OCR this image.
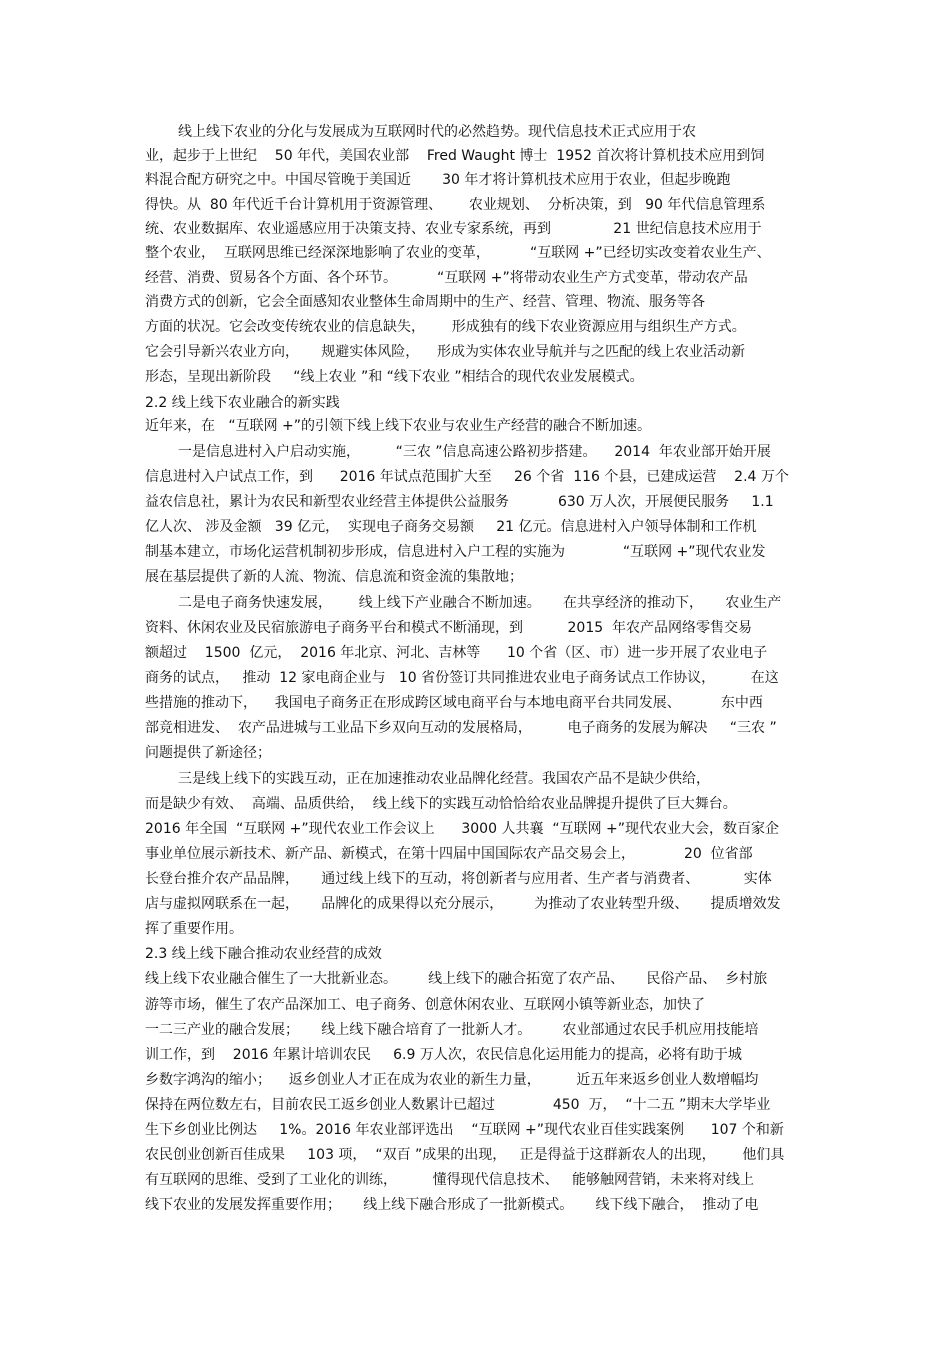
线上线下农业的分化与发展成为互联网时代的必然趋势。现代信息技术正式应用于农
业，起步于上世纪    50 年代，美国农业部    Fred Waught 博士  1952 首次将计算机技术应用到饲
料混合配方研究之中。中国尽管晚于美国近       30 年才将计算机技术应用于农业，但起步晚跑
得快。从  80 年代近千台计算机用于资源管理、      农业规划、  分析决策，到   90 年代信息管理系
统、农业数据库、农业遥感应用于决策支持、农业专家系统，再到              21 世纪信息技术应用于
整个农业，  互联网思维已经深深地影响了农业的变革，         “互联网 +”已经切实改变着农业生产、
经营、消费、贸易各个方面、各个环节。         “互联网 +”将带动农业生产方式变革，带动农产品
消费方式的创新，它会全面感知农业整体生命周期中的生产、经营、管理、物流、服务等各
方面的状况。它会改变传统农业的信息缺失，      形成独有的线下农业资源应用与组织生产方式。
它会引导新兴农业方向，     规避实体风险，    形成为实体农业导航并与之匹配的线上农业活动新
形态，呈现出新阶段     “线上农业 ”和 “线下农业 ”相结合的现代农业发展模式。
2.2 线上线下农业融合的新实践
近年来，在   “互联网 +”的引领下线上线下农业与农业生产经营的融合不断加速。
一是信息进村入户启动实施，        “三农 ”信息高速公路初步搭建。    2014  年农业部开始开展
信息进村入户试点工作，到      2016 年试点范围扩大至     26 个省  116 个县，已建成运营    2.4 万个
益农信息社，累计为农民和新型农业经营主体提供公益服务           630 万人次，开展便民服务     1.1
亿人次、 涉及金额   39 亿元，  实现电子商务交易额     21 亿元。信息进村入户领导体制和工作机
制基本建立，市场化运营机制初步形成，信息进村入户工程的实施为             “互联网 +”现代农业发
展在基层提供了新的人流、物流、信息流和资金流的集散地；
二是电子商务快速发展，      线上线下产业融合不断加速。     在共享经济的推动下，     农业生产
资料、休闲农业及民宿旅游电子商务平台和模式不断涌现，到          2015  年农产品网络零售交易
额超过    1500  亿元，  2016 年北京、河北、吉林等      10 个省（区、市）进一步开展了农业电子
商务的试点，   推动  12 家电商企业与   10 省份签订共同推进农业电子商务试点工作协议，        在这
些措施的推动下，    我国电子商务正在形成跨区域电商平台与本地电商平台共同发展、         东中西
部竞相进发、  农产品进城与工业品下乡双向互动的发展格局，        电子商务的发展为解决     “三农 ”
问题提供了新途径；
三是线上线下的实践互动，正在加速推动农业品牌化经营。我国农产品不是缺少供给，
而是缺少有效、  高端、品质供给，  线上线下的实践互动恰恰给农业品牌提升提供了巨大舞台。
2016 年全国  “互联网 +”现代农业工作会议上      3000 人共襄  “互联网 +”现代农业大会，数百家企
事业单位展示新技术、新产品、新模式，在第十四届中国国际农产品交易会上，           20  位省部
长登台推介农产品品牌，     通过线上线下的互动，将创新者与应用者、生产者与消费者、          实体
店与虚拟网联系在一起，     品牌化的成果得以充分展示，       为推动了农业转型升级、     提质增效发
挥了重要作用。
2.3 线上线下融合推动农业经营的成效
线上线下农业融合催生了一大批新业态。       线上线下的融合拓宽了农产品、     民俗产品、  乡村旅
游等市场，催生了农产品深加工、电子商务、创意休闲农业、互联网小镇等新业态，加快了
一二三产业的融合发展；     线上线下融合培育了一批新人才。       农业部通过农民手机应用技能培
训工作，到    2016 年累计培训农民     6.9 万人次，农民信息化运用能力的提高，必将有助于城
乡数字鸿沟的缩小；    返乡创业人才正在成为农业的新生力量，        近五年来返乡创业人数增幅均
保持在两位数左右，目前农民工返乡创业人数累计已超过             450  万，  “十二五 ”期末大学毕业
生下乡创业比例达     1%。2016 年农业部评选出    “互联网 +”现代农业百佳实践案例      107 个和新
农民创业创新百佳成果     103 项，  “双百 ”成果的出现，   正是得益于这群新农人的出现，      他们具
有互联网的思维、受到了工业化的训练，        懂得现代信息技术、   能够触网营销，未来将对线上
线下农业的发展发挥重要作用；     线上线下融合形成了一批新模式。     线下线下融合，  推动了电
